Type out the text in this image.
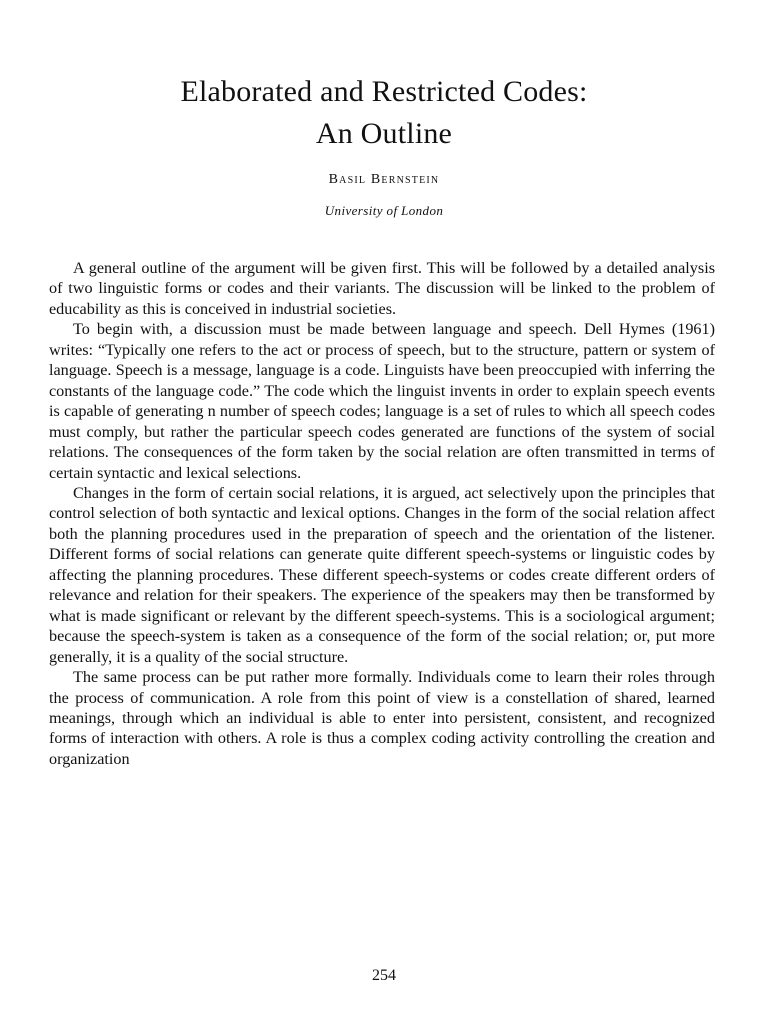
Elaborated and Restricted Codes:
An Outline
Basil Bernstein
University of London

A general outline of the argument will be given first. This will be followed by a detailed analysis of two linguistic forms or codes and their variants. The discussion will be linked to the problem of educability as this is conceived in industrial societies.

To begin with, a discussion must be made between language and speech. Dell Hymes (1961) writes: “Typically one refers to the act or process of speech, but to the structure, pattern or system of language. Speech is a message, language is a code. Linguists have been preoccupied with inferring the constants of the language code.” The code which the linguist invents in order to explain speech events is capable of generating n number of speech codes; language is a set of rules to which all speech codes must comply, but rather the particular speech codes generated are functions of the system of social relations. The consequences of the form taken by the social relation are often transmitted in terms of certain syntactic and lexical selections.

Changes in the form of certain social relations, it is argued, act selectively upon the principles that control selection of both syntactic and lexical options. Changes in the form of the social relation affect both the planning procedures used in the preparation of speech and the orientation of the listener. Different forms of social relations can generate quite different speech-systems or linguistic codes by affecting the planning procedures. These different speech-systems or codes create different orders of relevance and relation for their speakers. The experience of the speakers may then be transformed by what is made significant or relevant by the different speech-systems. This is a sociological argument; because the speech-system is taken as a consequence of the form of the social relation; or, put more generally, it is a quality of the social structure.

The same process can be put rather more formally. Individuals come to learn their roles through the process of communication. A role from this point of view is a constellation of shared, learned meanings, through which an individual is able to enter into persistent, consistent, and recognized forms of interaction with others. A role is thus a complex coding activity controlling the creation and organization

254
